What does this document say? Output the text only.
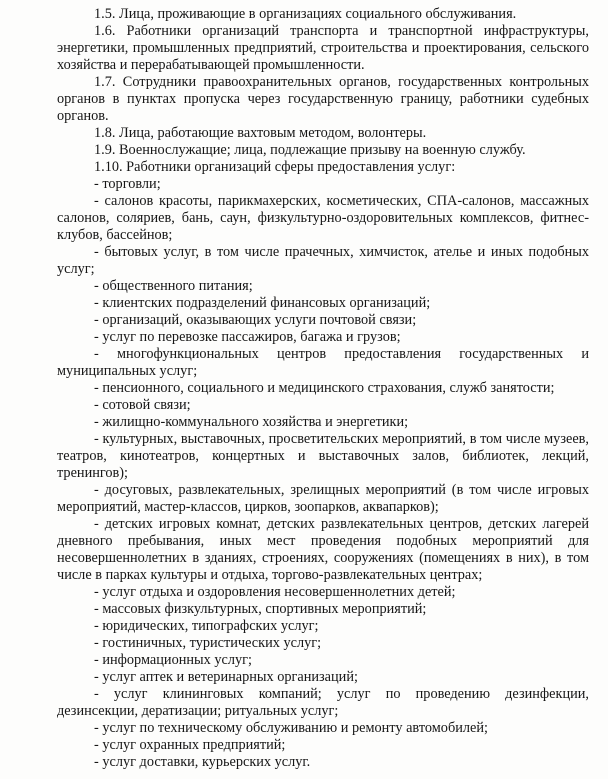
1.5. Лица, проживающие в организациях социального обслуживания.

1.6. Работники организаций транспорта и транспортной инфраструктуры, энергетики, промышленных предприятий, строительства и проектирования, сельского хозяйства и перерабатывающей промышленности.

1.7. Сотрудники правоохранительных органов, государственных контрольных органов в пунктах пропуска через государственную границу, работники судебных органов.

1.8. Лица, работающие вахтовым методом, волонтеры.

1.9. Военнослужащие; лица, подлежащие призыву на военную службу.

1.10. Работники организаций сферы предоставления услуг:

- торговли;

- салонов красоты, парикмахерских, косметических, СПА-салонов, массажных салонов, соляриев, бань, саун, физкультурно-оздоровительных комплексов, фитнес-клубов, бассейнов;

- бытовых услуг, в том числе прачечных, химчисток, ателье и иных подобных услуг;

- общественного питания;

- клиентских подразделений финансовых организаций;

- организаций, оказывающих услуги почтовой связи;

- услуг по перевозке пассажиров, багажа и грузов;

- многофункциональных центров предоставления государственных и муниципальных услуг;

- пенсионного, социального и медицинского страхования, служб занятости;

- сотовой связи;

- жилищно-коммунального хозяйства и энергетики;

- культурных, выставочных, просветительских мероприятий, в том числе музеев, театров, кинотеатров, концертных и выставочных залов, библиотек, лекций, тренингов);

- досуговых, развлекательных, зрелищных мероприятий (в том числе игровых мероприятий, мастер-классов, цирков, зоопарков, аквапарков);

- детских игровых комнат, детских развлекательных центров, детских лагерей дневного пребывания, иных мест проведения подобных мероприятий для несовершеннолетних в зданиях, строениях, сооружениях (помещениях в них), в том числе в парках культуры и отдыха, торгово-развлекательных центрах;

- услуг отдыха и оздоровления несовершеннолетних детей;

- массовых физкультурных, спортивных мероприятий;

- юридических, типографских услуг;

- гостиничных, туристических услуг;

- информационных услуг;

- услуг аптек и ветеринарных организаций;

- услуг клининговых компаний; услуг по проведению дезинфекции, дезинсекции, дератизации; ритуальных услуг;

- услуг по техническому обслуживанию и ремонту автомобилей;

- услуг охранных предприятий;

- услуг доставки, курьерских услуг.
